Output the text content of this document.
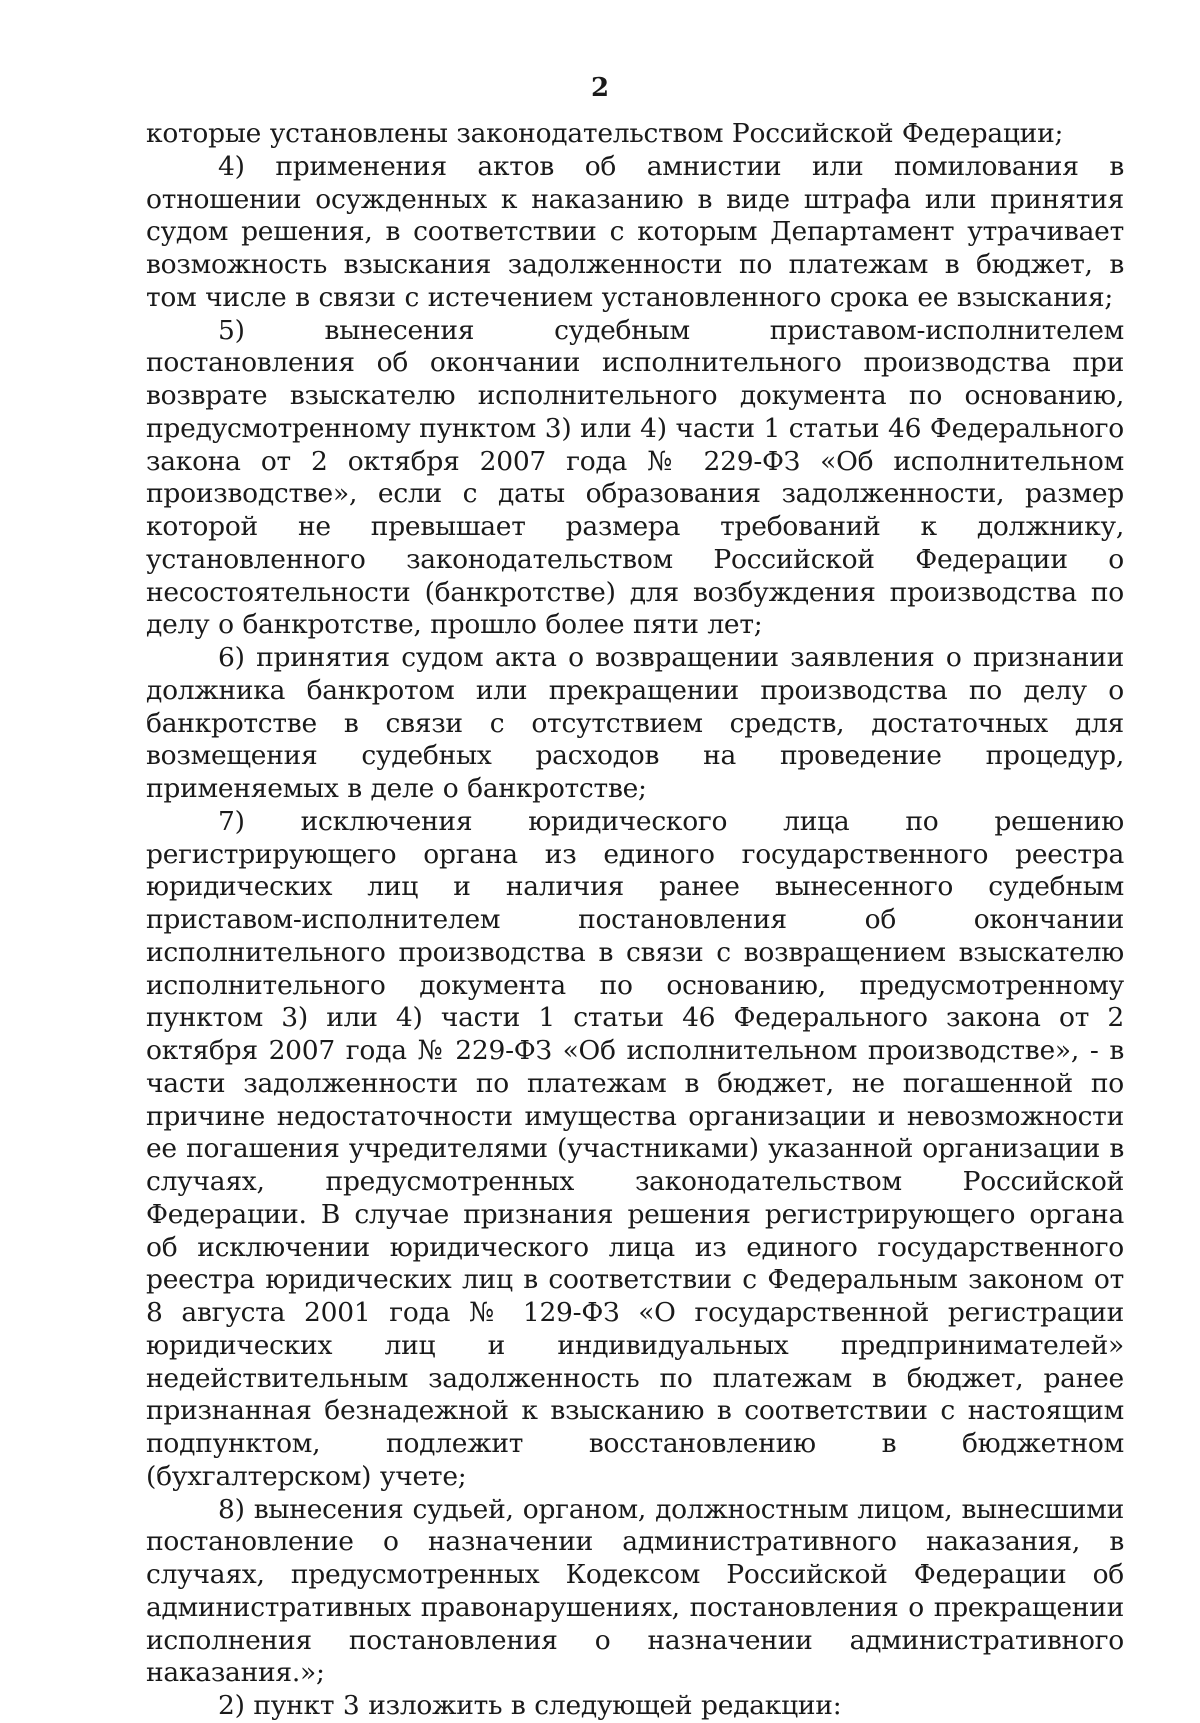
2

которые установлены законодательством Российской Федерации;

4) применения актов об амнистии или помилования в отношении осужденных к наказанию в виде штрафа или принятия судом решения, в соответствии с которым Департамент утрачивает возможность взыскания задолженности по платежам в бюджет, в том числе в связи с истечением установленного срока ее взыскания;

5) вынесения судебным приставом-исполнителем постановления об окончании исполнительного производства при возврате взыскателю исполнительного документа по основанию, предусмотренному пунктом 3) или 4) части 1 статьи 46 Федерального закона от 2 октября 2007 года № 229-ФЗ «Об исполнительном производстве», если с даты образования задолженности, размер которой не превышает размера требований к должнику, установленного законодательством Российской Федерации о несостоятельности (банкротстве) для возбуждения производства по делу о банкротстве, прошло более пяти лет;

6) принятия судом акта о возвращении заявления о признании должника банкротом или прекращении производства по делу о банкротстве в связи с отсутствием средств, достаточных для возмещения судебных расходов на проведение процедур, применяемых в деле о банкротстве;

7) исключения юридического лица по решению регистрирующего органа из единого государственного реестра юридических лиц и наличия ранее вынесенного судебным приставом-исполнителем постановления об окончании исполнительного производства в связи с возвращением взыскателю исполнительного документа по основанию, предусмотренному пунктом 3) или 4) части 1 статьи 46 Федерального закона от 2 октября 2007 года № 229-ФЗ «Об исполнительном производстве», - в части задолженности по платежам в бюджет, не погашенной по причине недостаточности имущества организации и невозможности ее погашения учредителями (участниками) указанной организации в случаях, предусмотренных законодательством Российской Федерации. В случае признания решения регистрирующего органа об исключении юридического лица из единого государственного реестра юридических лиц в соответствии с Федеральным законом от 8 августа 2001 года № 129-ФЗ «О государственной регистрации юридических лиц и индивидуальных предпринимателей» недействительным задолженность по платежам в бюджет, ранее признанная безнадежной к взысканию в соответствии с настоящим подпунктом, подлежит восстановлению в бюджетном (бухгалтерском) учете;

8) вынесения судьей, органом, должностным лицом, вынесшими постановление о назначении административного наказания, в случаях, предусмотренных Кодексом Российской Федерации об административных правонарушениях, постановления о прекращении исполнения постановления о назначении административного наказания.»;

2) пункт 3 изложить в следующей редакции:
